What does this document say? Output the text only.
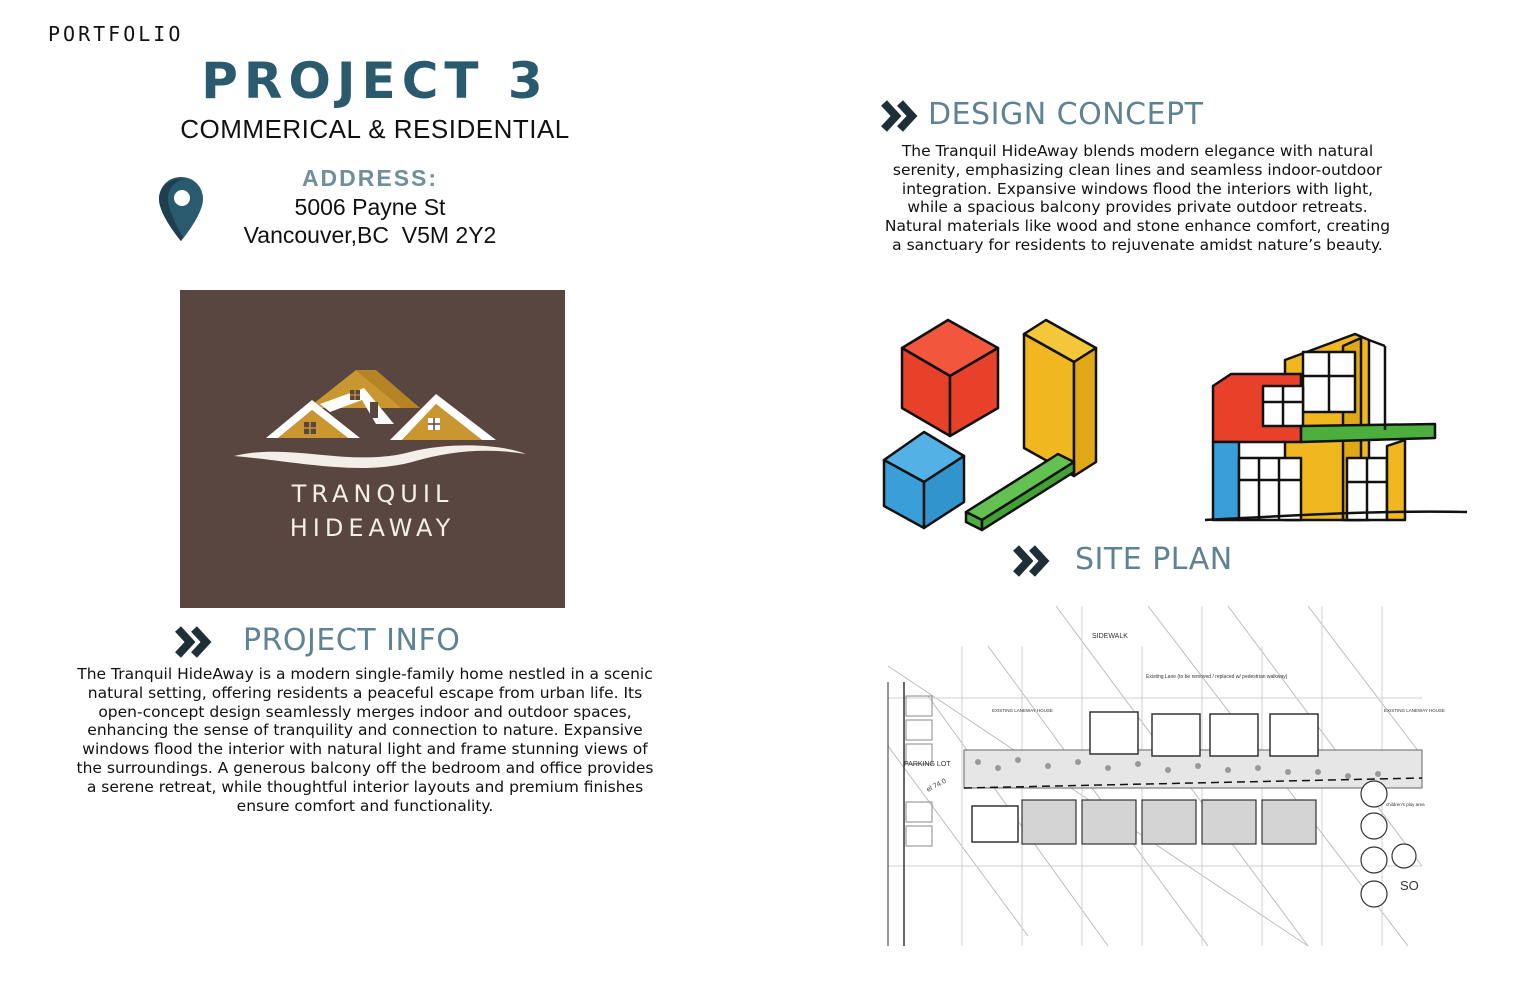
PORTFOLIO
PROJECT 3
COMMERICAL & RESIDENTIAL
ADDRESS:
5006 Payne St
Vancouver,BC  V5M 2Y2
TRANQUIL
HIDEAWAY
PROJECT INFO
The Tranquil HideAway is a modern single-family home nestled in a scenic
natural setting, offering residents a peaceful escape from urban life. Its
open-concept design seamlessly merges indoor and outdoor spaces,
enhancing the sense of tranquility and connection to nature. Expansive
windows flood the interior with natural light and frame stunning views of
the surroundings. A generous balcony off the bedroom and office provides
a serene retreat, while thoughtful interior layouts and premium finishes
ensure comfort and functionality.
DESIGN CONCEPT
The Tranquil HideAway blends modern elegance with natural
serenity, emphasizing clean lines and seamless indoor-outdoor
integration. Expansive windows flood the interiors with light,
while a spacious balcony provides private outdoor retreats.
Natural materials like wood and stone enhance comfort, creating
a sanctuary for residents to rejuvenate amidst nature’s beauty.
SITE PLAN
SIDEWALK
Existing Lane (to be removed / replaced w/ pedestrian walkway)
EXISTING LANEWAY HOUSE	EXISTING LANEWAY HOUSE
PARKING LOT
el 74.0
children's play area
SO
